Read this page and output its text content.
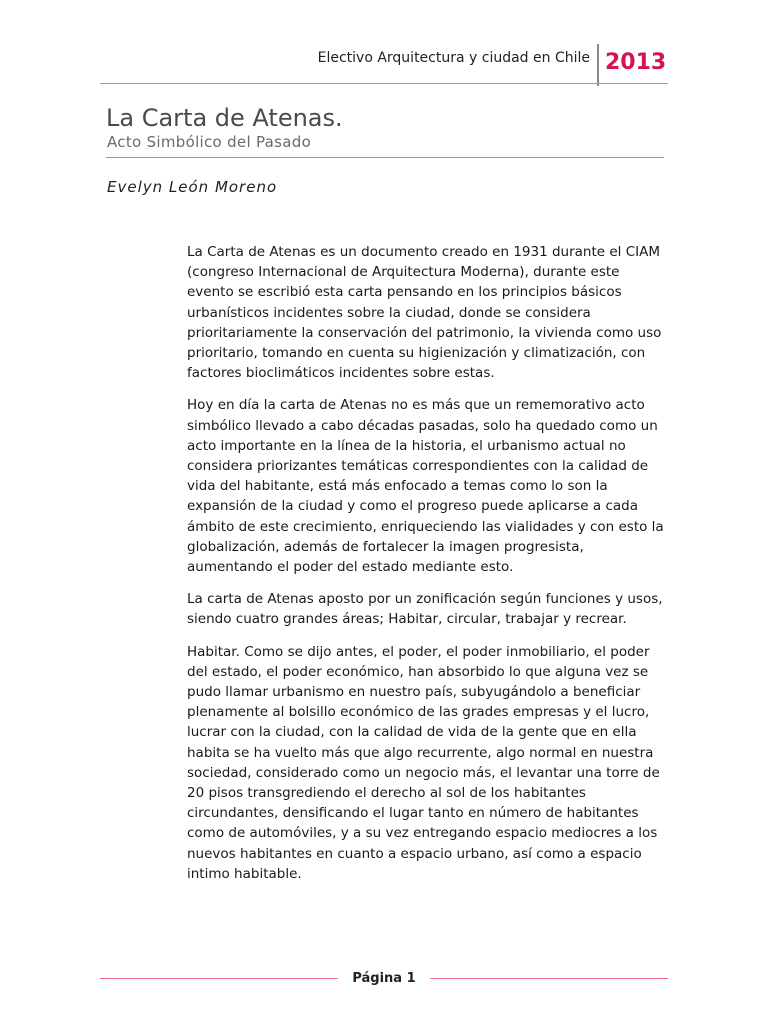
Electivo Arquitectura y ciudad en Chile 2013
La Carta de Atenas.
Acto Simbólico del Pasado
Evelyn León Moreno

La Carta de Atenas es un documento creado en 1931 durante el CIAM (congreso Internacional de Arquitectura Moderna), durante este evento se escribió esta carta pensando en los principios básicos urbanísticos incidentes sobre la ciudad, donde se considera prioritariamente la conservación del patrimonio, la vivienda como uso prioritario, tomando en cuenta su higienización y climatización, con factores bioclimáticos incidentes sobre estas.

Hoy en día la carta de Atenas no es más que un rememorativo acto simbólico llevado a cabo décadas pasadas, solo ha quedado como un acto importante en la línea de la historia, el urbanismo actual no considera priorizantes temáticas correspondientes con la calidad de vida del habitante, está más enfocado a temas como lo son la expansión de la ciudad y como el progreso puede aplicarse a cada ámbito de este crecimiento, enriqueciendo las vialidades y con esto la globalización, además de fortalecer la imagen progresista, aumentando el poder del estado mediante esto.

La carta de Atenas aposto por un zonificación según funciones y usos, siendo cuatro grandes áreas; Habitar, circular, trabajar y recrear.

Habitar. Como se dijo antes, el poder, el poder inmobiliario, el poder del estado, el poder económico, han absorbido lo que alguna vez se pudo llamar urbanismo en nuestro país, subyugándolo a beneficiar plenamente al bolsillo económico de las grades empresas y el lucro, lucrar con la ciudad, con la calidad de vida de la gente que en ella habita se ha vuelto más que algo recurrente, algo normal en nuestra sociedad, considerado como un negocio más, el levantar una torre de 20 pisos transgrediendo el derecho al sol de los habitantes circundantes, densificando el lugar tanto en número de habitantes como de automóviles, y a su vez entregando espacio mediocres a los nuevos habitantes en cuanto a espacio urbano, así como a espacio intimo habitable.

Página 1
